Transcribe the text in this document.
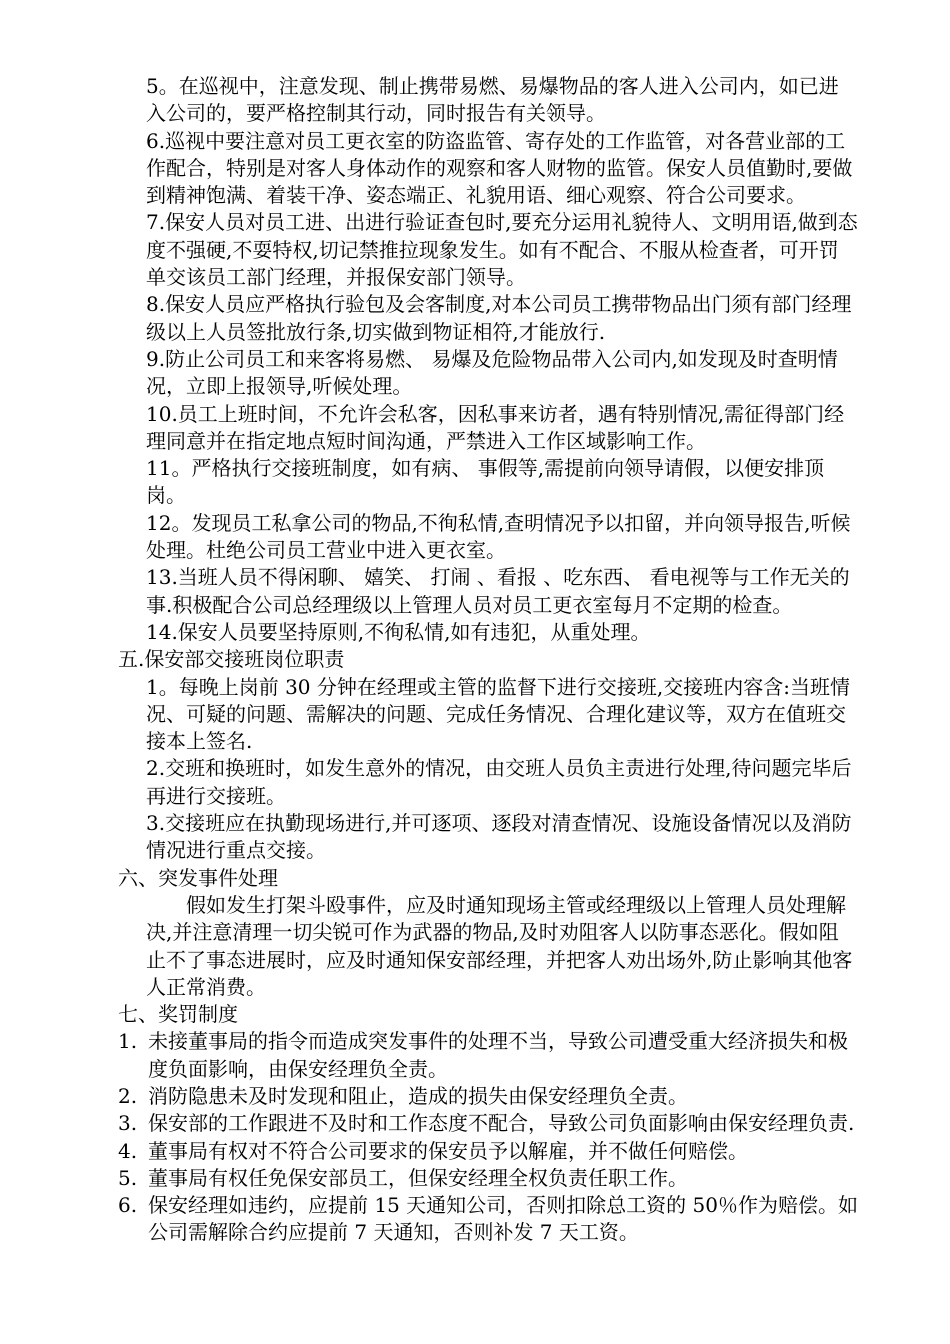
5。在巡视中，注意发现、制止携带易燃、易爆物品的客人进入公司内，如已进入公司的，要严格控制其行动，同时报告有关领导。

6.巡视中要注意对员工更衣室的防盗监管、寄存处的工作监管，对各营业部的工作配合，特别是对客人身体动作的观察和客人财物的监管。保安人员值勤时,要做到精神饱满、着装干净、姿态端正、礼貌用语、细心观察、符合公司要求。

7.保安人员对员工进、出进行验证查包时,要充分运用礼貌待人、文明用语,做到态度不强硬,不耍特权,切记禁推拉现象发生。如有不配合、不服从检查者，可开罚单交该员工部门经理，并报保安部门领导。

8.保安人员应严格执行验包及会客制度,对本公司员工携带物品出门须有部门经理级以上人员签批放行条,切实做到物证相符,才能放行.

9.防止公司员工和来客将易燃、 易爆及危险物品带入公司内,如发现及时查明情况，立即上报领导,听候处理。

10.员工上班时间，不允许会私客，因私事来访者，遇有特别情况,需征得部门经理同意并在指定地点短时间沟通，严禁进入工作区域影响工作。

11。严格执行交接班制度，如有病、 事假等,需提前向领导请假，以便安排顶岗。

12。发现员工私拿公司的物品,不徇私情,查明情况予以扣留，并向领导报告,听候处理。杜绝公司员工营业中进入更衣室。

13.当班人员不得闲聊、 嬉笑、 打闹 、看报 、吃东西、 看电视等与工作无关的事.积极配合公司总经理级以上管理人员对员工更衣室每月不定期的检查。

14.保安人员要坚持原则,不徇私情,如有违犯，从重处理。

五.保安部交接班岗位职责

1。每晚上岗前 30 分钟在经理或主管的监督下进行交接班,交接班内容含:当班情况、可疑的问题、需解决的问题、完成任务情况、合理化建议等，双方在值班交接本上签名.

2.交班和换班时，如发生意外的情况，由交班人员负主责进行处理,待问题完毕后再进行交接班。

3.交接班应在执勤现场进行,并可逐项、逐段对清查情况、设施设备情况以及消防情况进行重点交接。

六、突发事件处理

假如发生打架斗殴事件，应及时通知现场主管或经理级以上管理人员处理解决,并注意清理一切尖锐可作为武器的物品,及时劝阻客人以防事态恶化。假如阻止不了事态进展时，应及时通知保安部经理，并把客人劝出场外,防止影响其他客人正常消费。

七、奖罚制度

1. 未接董事局的指令而造成突发事件的处理不当，导致公司遭受重大经济损失和极度负面影响，由保安经理负全责。
2. 消防隐患未及时发现和阻止，造成的损失由保安经理负全责。
3. 保安部的工作跟进不及时和工作态度不配合，导致公司负面影响由保安经理负责.
4. 董事局有权对不符合公司要求的保安员予以解雇，并不做任何赔偿。
5. 董事局有权任免保安部员工，但保安经理全权负责任职工作。
6. 保安经理如违约，应提前 15 天通知公司，否则扣除总工资的 50％作为赔偿。如公司需解除合约应提前 7 天通知，否则补发 7 天工资。
